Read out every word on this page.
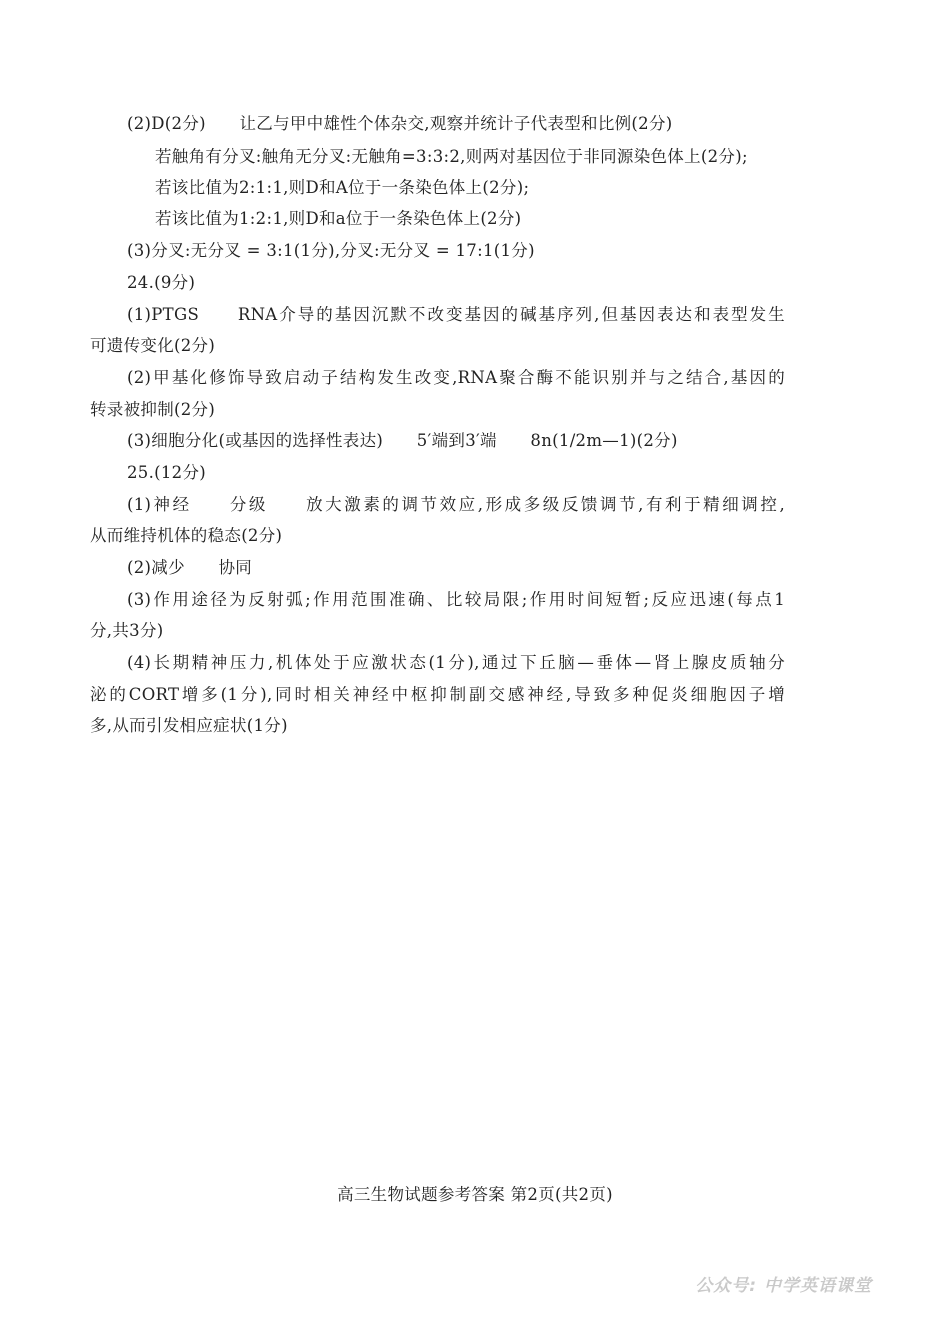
(2)D(2分)　　让乙与甲中雄性个体杂交,观察并统计子代表型和比例(2分)
若触角有分叉:触角无分叉:无触角=3:3:2,则两对基因位于非同源染色体上(2分);
若该比值为2:1:1,则D和A位于一条染色体上(2分);
若该比值为1:2:1,则D和a位于一条染色体上(2分)
(3)分叉:无分叉 = 3:1(1分),分叉:无分叉 = 17:1(1分)
24.(9分)
(1)PTGS　　RNA介导的基因沉默不改变基因的碱基序列,但基因表达和表型发生
可遗传变化(2分)
(2)甲基化修饰导致启动子结构发生改变,RNA聚合酶不能识别并与之结合,基因的
转录被抑制(2分)
(3)细胞分化(或基因的选择性表达)　　5′端到3′端　　8n(1/2m—1)(2分)
25.(12分)
(1)神经　　分级　　放大激素的调节效应,形成多级反馈调节,有利于精细调控,
从而维持机体的稳态(2分)
(2)减少　　协同
(3)作用途径为反射弧;作用范围准确、比较局限;作用时间短暂;反应迅速(每点1
分,共3分)
(4)长期精神压力,机体处于应激状态(1分),通过下丘脑—垂体—肾上腺皮质轴分
泌的CORT增多(1分),同时相关神经中枢抑制副交感神经,导致多种促炎细胞因子增
多,从而引发相应症状(1分)
高三生物试题参考答案 第2页(共2页)
公众号: 中学英语课堂
